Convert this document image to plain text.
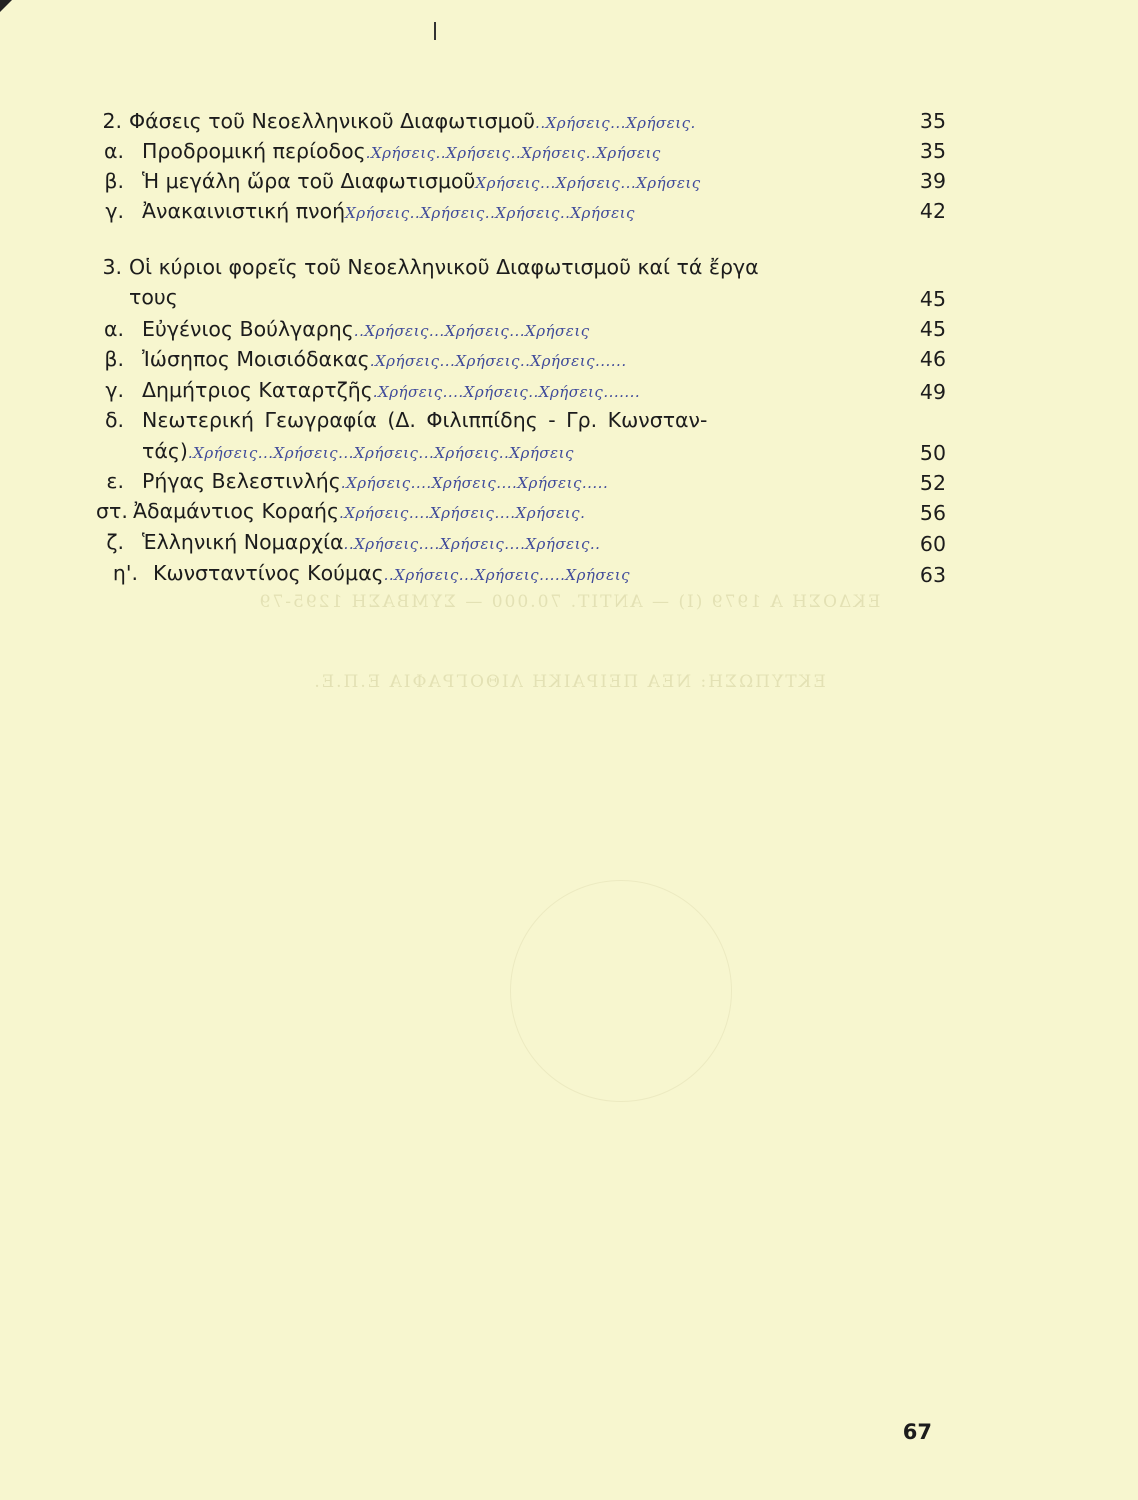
2. Φάσεις τοῦ Νεοελληνικοῦ Διαφωτισμοῦ..Χρήσεις...Χρήσεις.	35
α. Προδρομική περίοδος.Χρήσεις..Χρήσεις..Χρήσεις..Χρήσεις	35
β. Ἡ μεγάλη ὥρα τοῦ ΔιαφωτισμοῦΧρήσεις...Χρήσεις...Χρήσεις	39
γ. Ἀνακαινιστική πνοήΧρήσεις..Χρήσεις..Χρήσεις..Χρήσεις	42
3. Οἱ κύριοι φορεῖς τοῦ Νεοελληνικοῦ Διαφωτισμοῦ καί τά ἔργα
τους	45
α. Εὐγένιος Βούλγαρης..Χρήσεις...Χρήσεις...Χρήσεις	45
β. Ἰώσηπος Μοισιόδακας.Χρήσεις...Χρήσεις..Χρήσεις......	46
γ. Δημήτριος Καταρτζῆς.Χρήσεις....Χρήσεις..Χρήσεις.......	49
δ. Νεωτερική Γεωγραφία (Δ. Φιλιππίδης - Γρ. Κωνσταν-
τάς).Χρήσεις...Χρήσεις...Χρήσεις...Χρήσεις..Χρήσεις	50
ε. Ρήγας Βελεστινλής.Χρήσεις....Χρήσεις....Χρήσεις.....	52
στ. Ἀδαμάντιος Κοραής.Χρήσεις....Χρήσεις....Χρήσεις.	56
ζ. Ἑλληνική Νομαρχία..Χρήσεις....Χρήσεις....Χρήσεις..	60
η'. Κωνσταντίνος Κούμας..Χρήσεις...Χρήσεις.....Χρήσεις	63
ΕΚΔΟΣΗ Α 1979 (Ι) — ΑΝΤΙΤ. 70.000 — ΣΥΜΒΑΣΗ 1295-79
ΕΚΤΥΠΩΣΗ: ΝΕΑ ΠΕΙΡΑΙΚΗ ΛΙΘΟΓΡΑΦΙΑ Ε.Π.Ε.
67
